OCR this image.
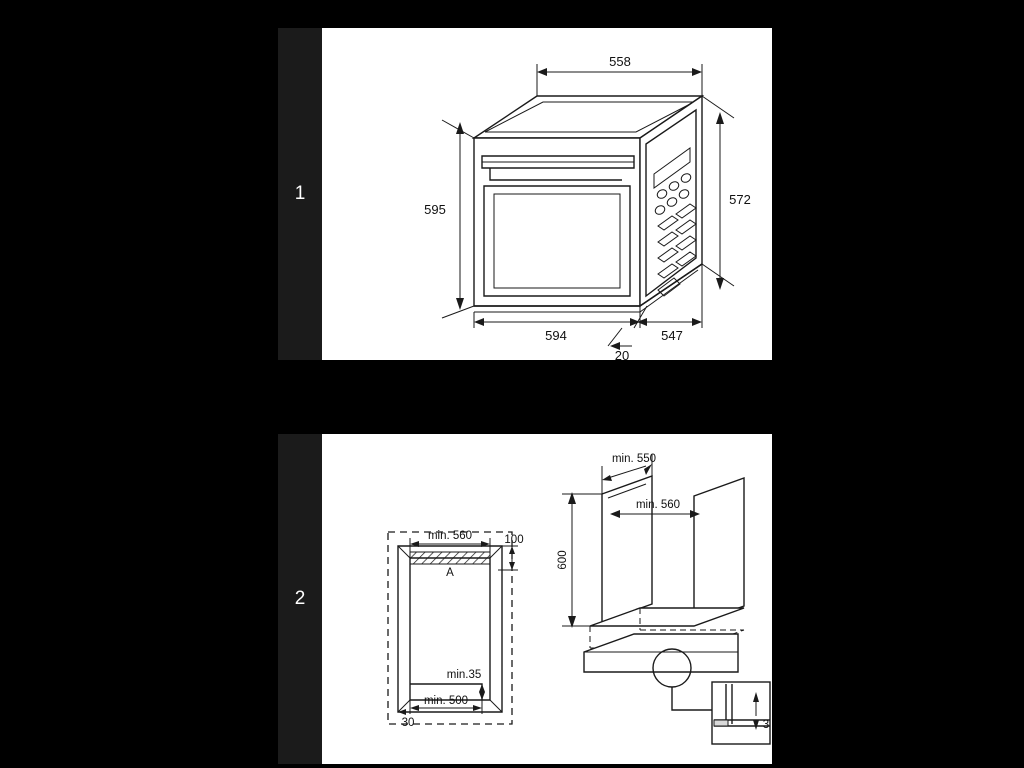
1
558
572
595
594	547
20
2
A
min. 560	100
min.35
min. 500
30
min. 550
min. 560
600
3
